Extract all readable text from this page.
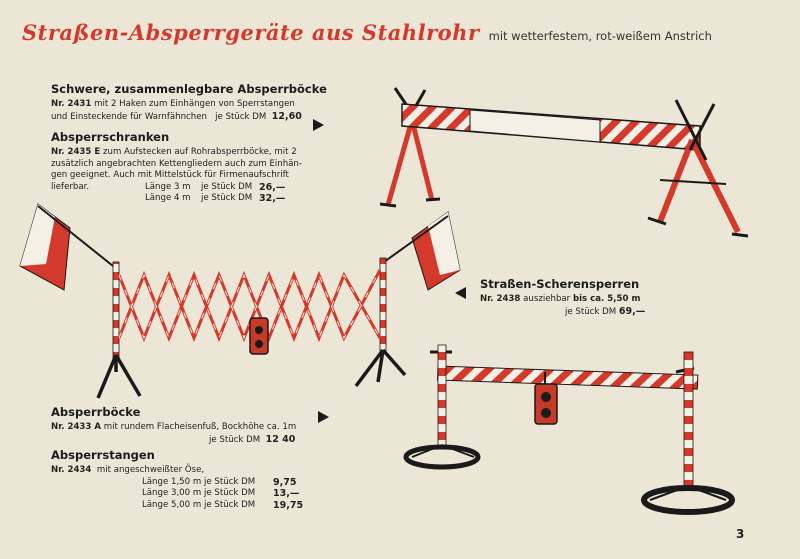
Straßen-Absperrgeräte aus Stahlrohr mit wetterfestem, rot-weißem Anstrich
Schwere, zusammenlegbare Absperrböcke
Nr. 2431 mit 2 Haken zum Einhängen von Sperrstangen
und Einsteckende für Warnfähnchen je Stück DM 12,60
Absperrschranken
Nr. 2435 E zum Aufstecken auf Rohrabsperrböcke, mit 2
zusätzlich angebrachten Kettengliedern auch zum Einhän-
gen geeignet. Auch mit Mittelstück für Firmenaufschrift
lieferbar.	Länge 3 m je Stück DM 26,—
Länge 4 m je Stück DM 32,—
Straßen-Scherensperren
Nr. 2438 ausziehbar bis ca. 5,50 m
je Stück DM 69,—
Absperrböcke
Nr. 2433 A mit rundem Flacheisenfuß, Bockhöhe ca. 1m
je Stück DM 12 40
Absperrstangen
Nr. 2434 mit angeschweißter Öse,
Länge 1,50 m je Stück DM 9,75
Länge 3,00 m je Stück DM 13,—
Länge 5,00 m je Stück DM 19,75
3
